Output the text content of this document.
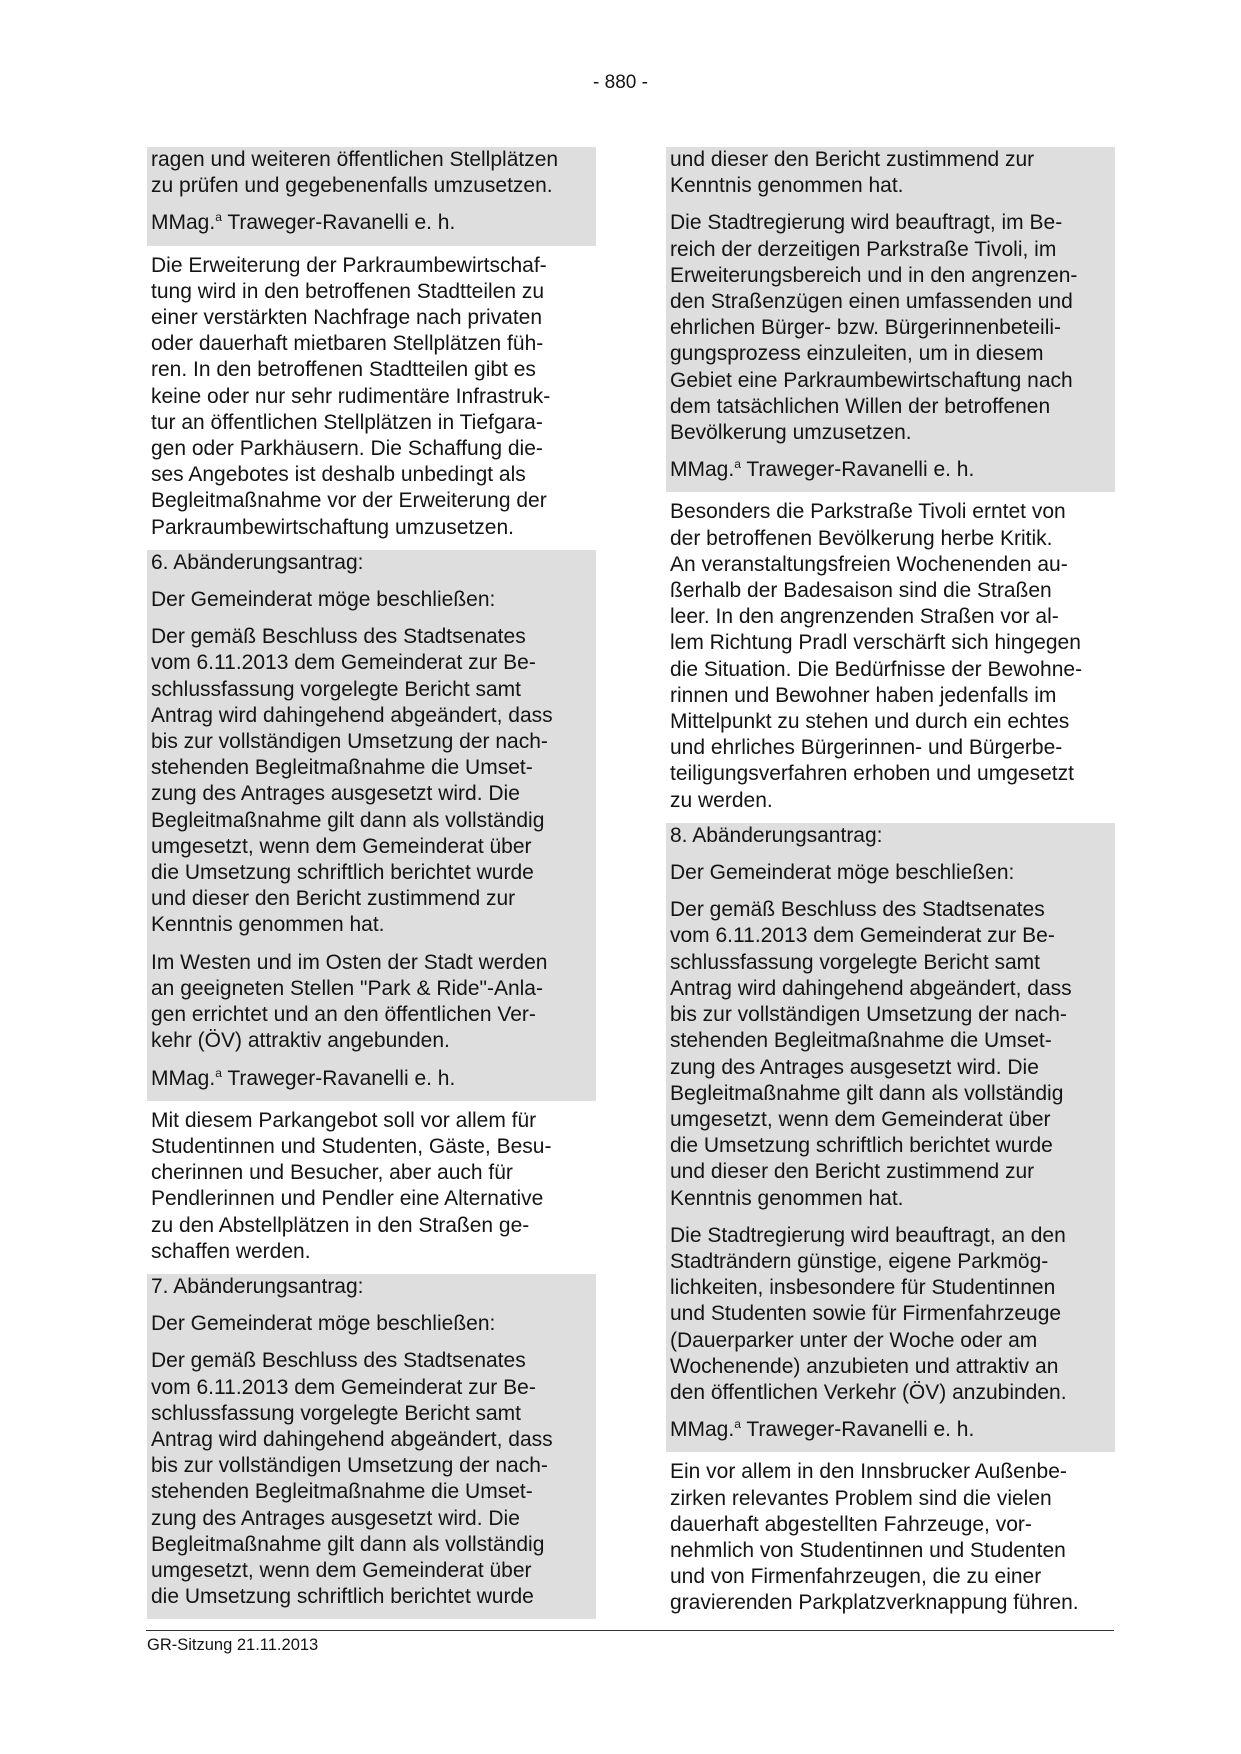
- 880 -

ragen und weiteren öffentlichen Stellplätzen
zu prüfen und gegebenenfalls umzusetzen.

MMag.$^a$ Traweger-Ravanelli e. h.

Die Erweiterung der Parkraumbewirtschaf-
tung wird in den betroffenen Stadtteilen zu
einer verstärkten Nachfrage nach privaten
oder dauerhaft mietbaren Stellplätzen füh-
ren. In den betroffenen Stadtteilen gibt es
keine oder nur sehr rudimentäre Infrastruk-
tur an öffentlichen Stellplätzen in Tiefgara-
gen oder Parkhäusern. Die Schaffung die-
ses Angebotes ist deshalb unbedingt als
Begleitmaßnahme vor der Erweiterung der
Parkraumbewirtschaftung umzusetzen.

6. Abänderungsantrag:

Der Gemeinderat möge beschließen:

Der gemäß Beschluss des Stadtsenates
vom 6.11.2013 dem Gemeinderat zur Be-
schlussfassung vorgelegte Bericht samt
Antrag wird dahingehend abgeändert, dass
bis zur vollständigen Umsetzung der nach-
stehenden Begleitmaßnahme die Umset-
zung des Antrages ausgesetzt wird. Die
Begleitmaßnahme gilt dann als vollständig
umgesetzt, wenn dem Gemeinderat über
die Umsetzung schriftlich berichtet wurde
und dieser den Bericht zustimmend zur
Kenntnis genommen hat.

Im Westen und im Osten der Stadt werden
an geeigneten Stellen "Park & Ride"-Anla-
gen errichtet und an den öffentlichen Ver-
kehr (ÖV) attraktiv angebunden.

MMag.$^a$ Traweger-Ravanelli e. h.

Mit diesem Parkangebot soll vor allem für
Studentinnen und Studenten, Gäste, Besu-
cherinnen und Besucher, aber auch für
Pendlerinnen und Pendler eine Alternative
zu den Abstellplätzen in den Straßen ge-
schaffen werden.

7. Abänderungsantrag:

Der Gemeinderat möge beschließen:

Der gemäß Beschluss des Stadtsenates
vom 6.11.2013 dem Gemeinderat zur Be-
schlussfassung vorgelegte Bericht samt
Antrag wird dahingehend abgeändert, dass
bis zur vollständigen Umsetzung der nach-
stehenden Begleitmaßnahme die Umset-
zung des Antrages ausgesetzt wird. Die
Begleitmaßnahme gilt dann als vollständig
umgesetzt, wenn dem Gemeinderat über
die Umsetzung schriftlich berichtet wurde

und dieser den Bericht zustimmend zur
Kenntnis genommen hat.

Die Stadtregierung wird beauftragt, im Be-
reich der derzeitigen Parkstraße Tivoli, im
Erweiterungsbereich und in den angrenzen-
den Straßenzügen einen umfassenden und
ehrlichen Bürger- bzw. Bürgerinnenbeteili-
gungsprozess einzuleiten, um in diesem
Gebiet eine Parkraumbewirtschaftung nach
dem tatsächlichen Willen der betroffenen
Bevölkerung umzusetzen.

MMag.$^a$ Traweger-Ravanelli e. h.

Besonders die Parkstraße Tivoli erntet von
der betroffenen Bevölkerung herbe Kritik.
An veranstaltungsfreien Wochenenden au-
ßerhalb der Badesaison sind die Straßen
leer. In den angrenzenden Straßen vor al-
lem Richtung Pradl verschärft sich hingegen
die Situation. Die Bedürfnisse der Bewohne-
rinnen und Bewohner haben jedenfalls im
Mittelpunkt zu stehen und durch ein echtes
und ehrliches Bürgerinnen- und Bürgerbe-
teiligungsverfahren erhoben und umgesetzt
zu werden.

8. Abänderungsantrag:

Der Gemeinderat möge beschließen:

Der gemäß Beschluss des Stadtsenates
vom 6.11.2013 dem Gemeinderat zur Be-
schlussfassung vorgelegte Bericht samt
Antrag wird dahingehend abgeändert, dass
bis zur vollständigen Umsetzung der nach-
stehenden Begleitmaßnahme die Umset-
zung des Antrages ausgesetzt wird. Die
Begleitmaßnahme gilt dann als vollständig
umgesetzt, wenn dem Gemeinderat über
die Umsetzung schriftlich berichtet wurde
und dieser den Bericht zustimmend zur
Kenntnis genommen hat.

Die Stadtregierung wird beauftragt, an den
Stadträndern günstige, eigene Parkmög-
lichkeiten, insbesondere für Studentinnen
und Studenten sowie für Firmenfahrzeuge
(Dauerparker unter der Woche oder am
Wochenende) anzubieten und attraktiv an
den öffentlichen Verkehr (ÖV) anzubinden.

MMag.$^a$ Traweger-Ravanelli e. h.

Ein vor allem in den Innsbrucker Außenbe-
zirken relevantes Problem sind die vielen
dauerhaft abgestellten Fahrzeuge, vor-
nehmlich von Studentinnen und Studenten
und von Firmenfahrzeugen, die zu einer
gravierenden Parkplatzverknappung führen.

GR-Sitzung 21.11.2013
